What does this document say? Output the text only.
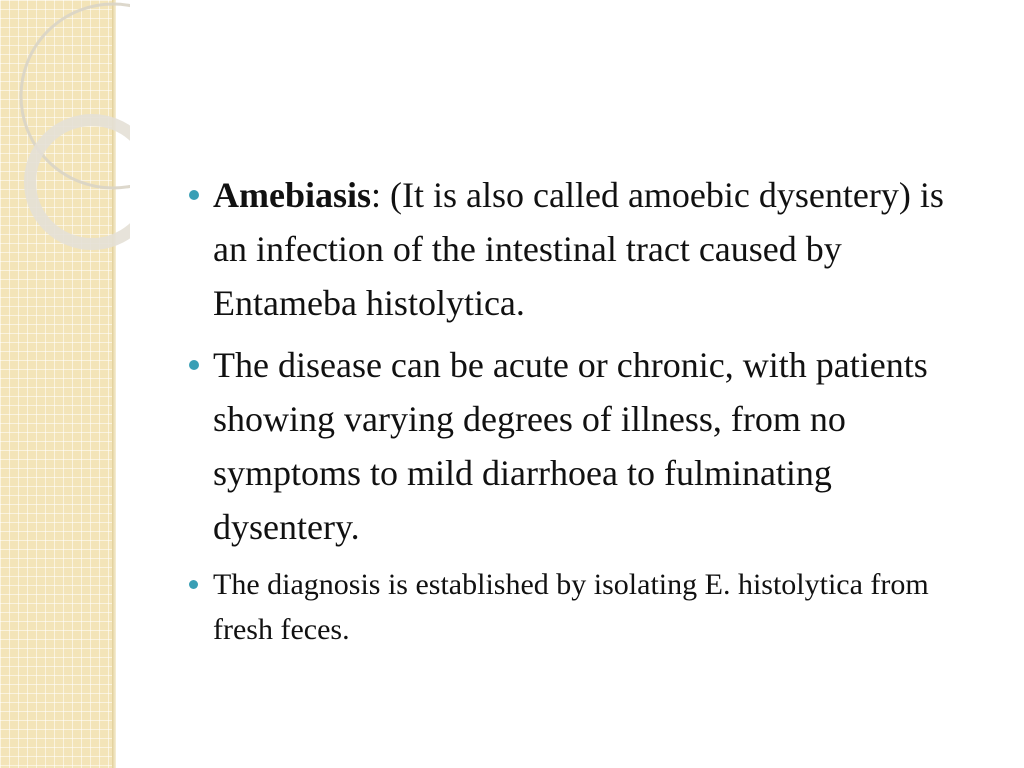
Amebiasis: (It is also called amoebic dysentery) is an infection of the intestinal tract caused by Entameba histolytica.
The disease can be acute or chronic, with patients showing varying degrees of illness, from no symptoms to mild diarrhoea to fulminating dysentery.
The diagnosis is established by isolating E. histolytica from fresh feces.
